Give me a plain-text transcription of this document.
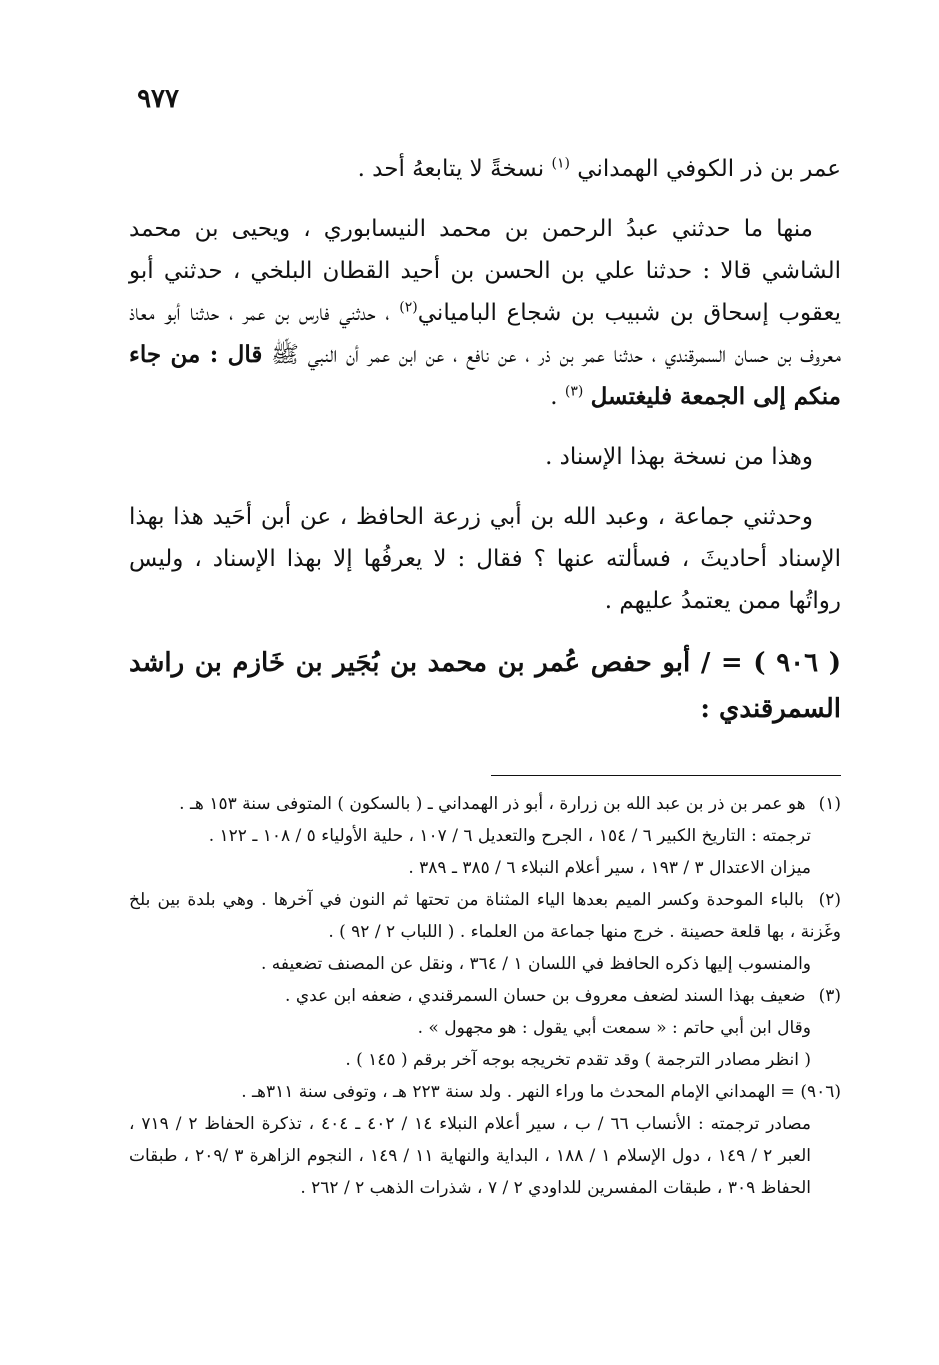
٩٧٧

عمر بن ذر الكوفي الهمداني $^{(١)}$ نسخةً لا يتابعهُ أحد .

منها ما حدثني عبدُ الرحمن بن محمد النيسابوري ، ويحيى بن محمد الشاشي قالا : حدثنا علي بن الحسن بن أحيد القطان البلخي ، حدثني أبو يعقوب إسحاق بن شبيب بن شجاع البامياني$^{(٢)}$ ، حدثني فارس بن عمر ، حدثنا أبو معاذ معروف بن حسان السمرقندي ، حدثنا عمر بن ذر ، عن نافع ، عن ابن عمر أن النبي ﷺ قال : من جاء منكم إلى الجمعة فليغتسل $^{(٣)}$ .

وهذا من نسخة بهذا الإسناد .

وحدثني جماعة ، وعبد الله بن أبي زرعة الحافظ ، عن أبن أحَيد هذا بهذا الإسناد أحاديثَ ، فسألته عنها ؟ فقال : لا يعرفُها إلا بهذا الإسناد ، وليس رواتُها ممن يعتمدُ عليهم .

( ٩٠٦ ) = / أبو حفص عُمر بن محمد بن بُجَير بن خَازم بن راشد السمرقندي :

(١) هو عمر بن ذر بن عبد الله بن زرارة ، أبو ذر الهمداني ـ ( بالسكون ) المتوفى سنة ١٥٣ هـ .
ترجمته : التاريخ الكبير ٦ / ١٥٤ ، الجرح والتعديل ٦ / ١٠٧ ، حلية الأولياء ٥ / ١٠٨ ـ ١٢٢ .
ميزان الاعتدال ٣ / ١٩٣ ، سير أعلام النبلاء ٦ / ٣٨٥ ـ ٣٨٩ .
(٢) بالباء الموحدة وكسر الميم بعدها الياء المثناة من تحتها ثم النون في آخرها . وهي بلدة بين بلخ وغَزنة ، بها قلعة حصينة . خرج منها جماعة من العلماء . ( اللباب ٢ / ٩٢ ) .
والمنسوب إليها ذكره الحافظ في اللسان ١ / ٣٦٤ ، ونقل عن المصنف تضعيفه .
(٣) ضعيف بهذا السند لضعف معروف بن حسان السمرقندي ، ضعفه ابن عدي .
وقال ابن أبي حاتم : « سمعت أبي يقول : هو مجهول » .
( انظر مصادر الترجمة ) وقد تقدم تخريجه بوجه آخر برقم ( ١٤٥ ) .
(٩٠٦) = الهمداني الإمام المحدث ما وراء النهر . ولد سنة ٢٢٣ هـ ، وتوفى سنة ٣١١هـ .
مصادر ترجمته : الأنساب ٦٦ / ب ، سير أعلام النبلاء ١٤ / ٤٠٢ ـ ٤٠٤ ، تذكرة الحفاظ ٢ / ٧١٩ ، العبر ٢ / ١٤٩ ، دول الإسلام ١ / ١٨٨ ، البداية والنهاية ١١ / ١٤٩ ، النجوم الزاهرة ٣ /٢٠٩ ، طبقات الحفاظ ٣٠٩ ، طبقات المفسرين للداودي ٢ / ٧ ، شذرات الذهب ٢ / ٢٦٢ .
